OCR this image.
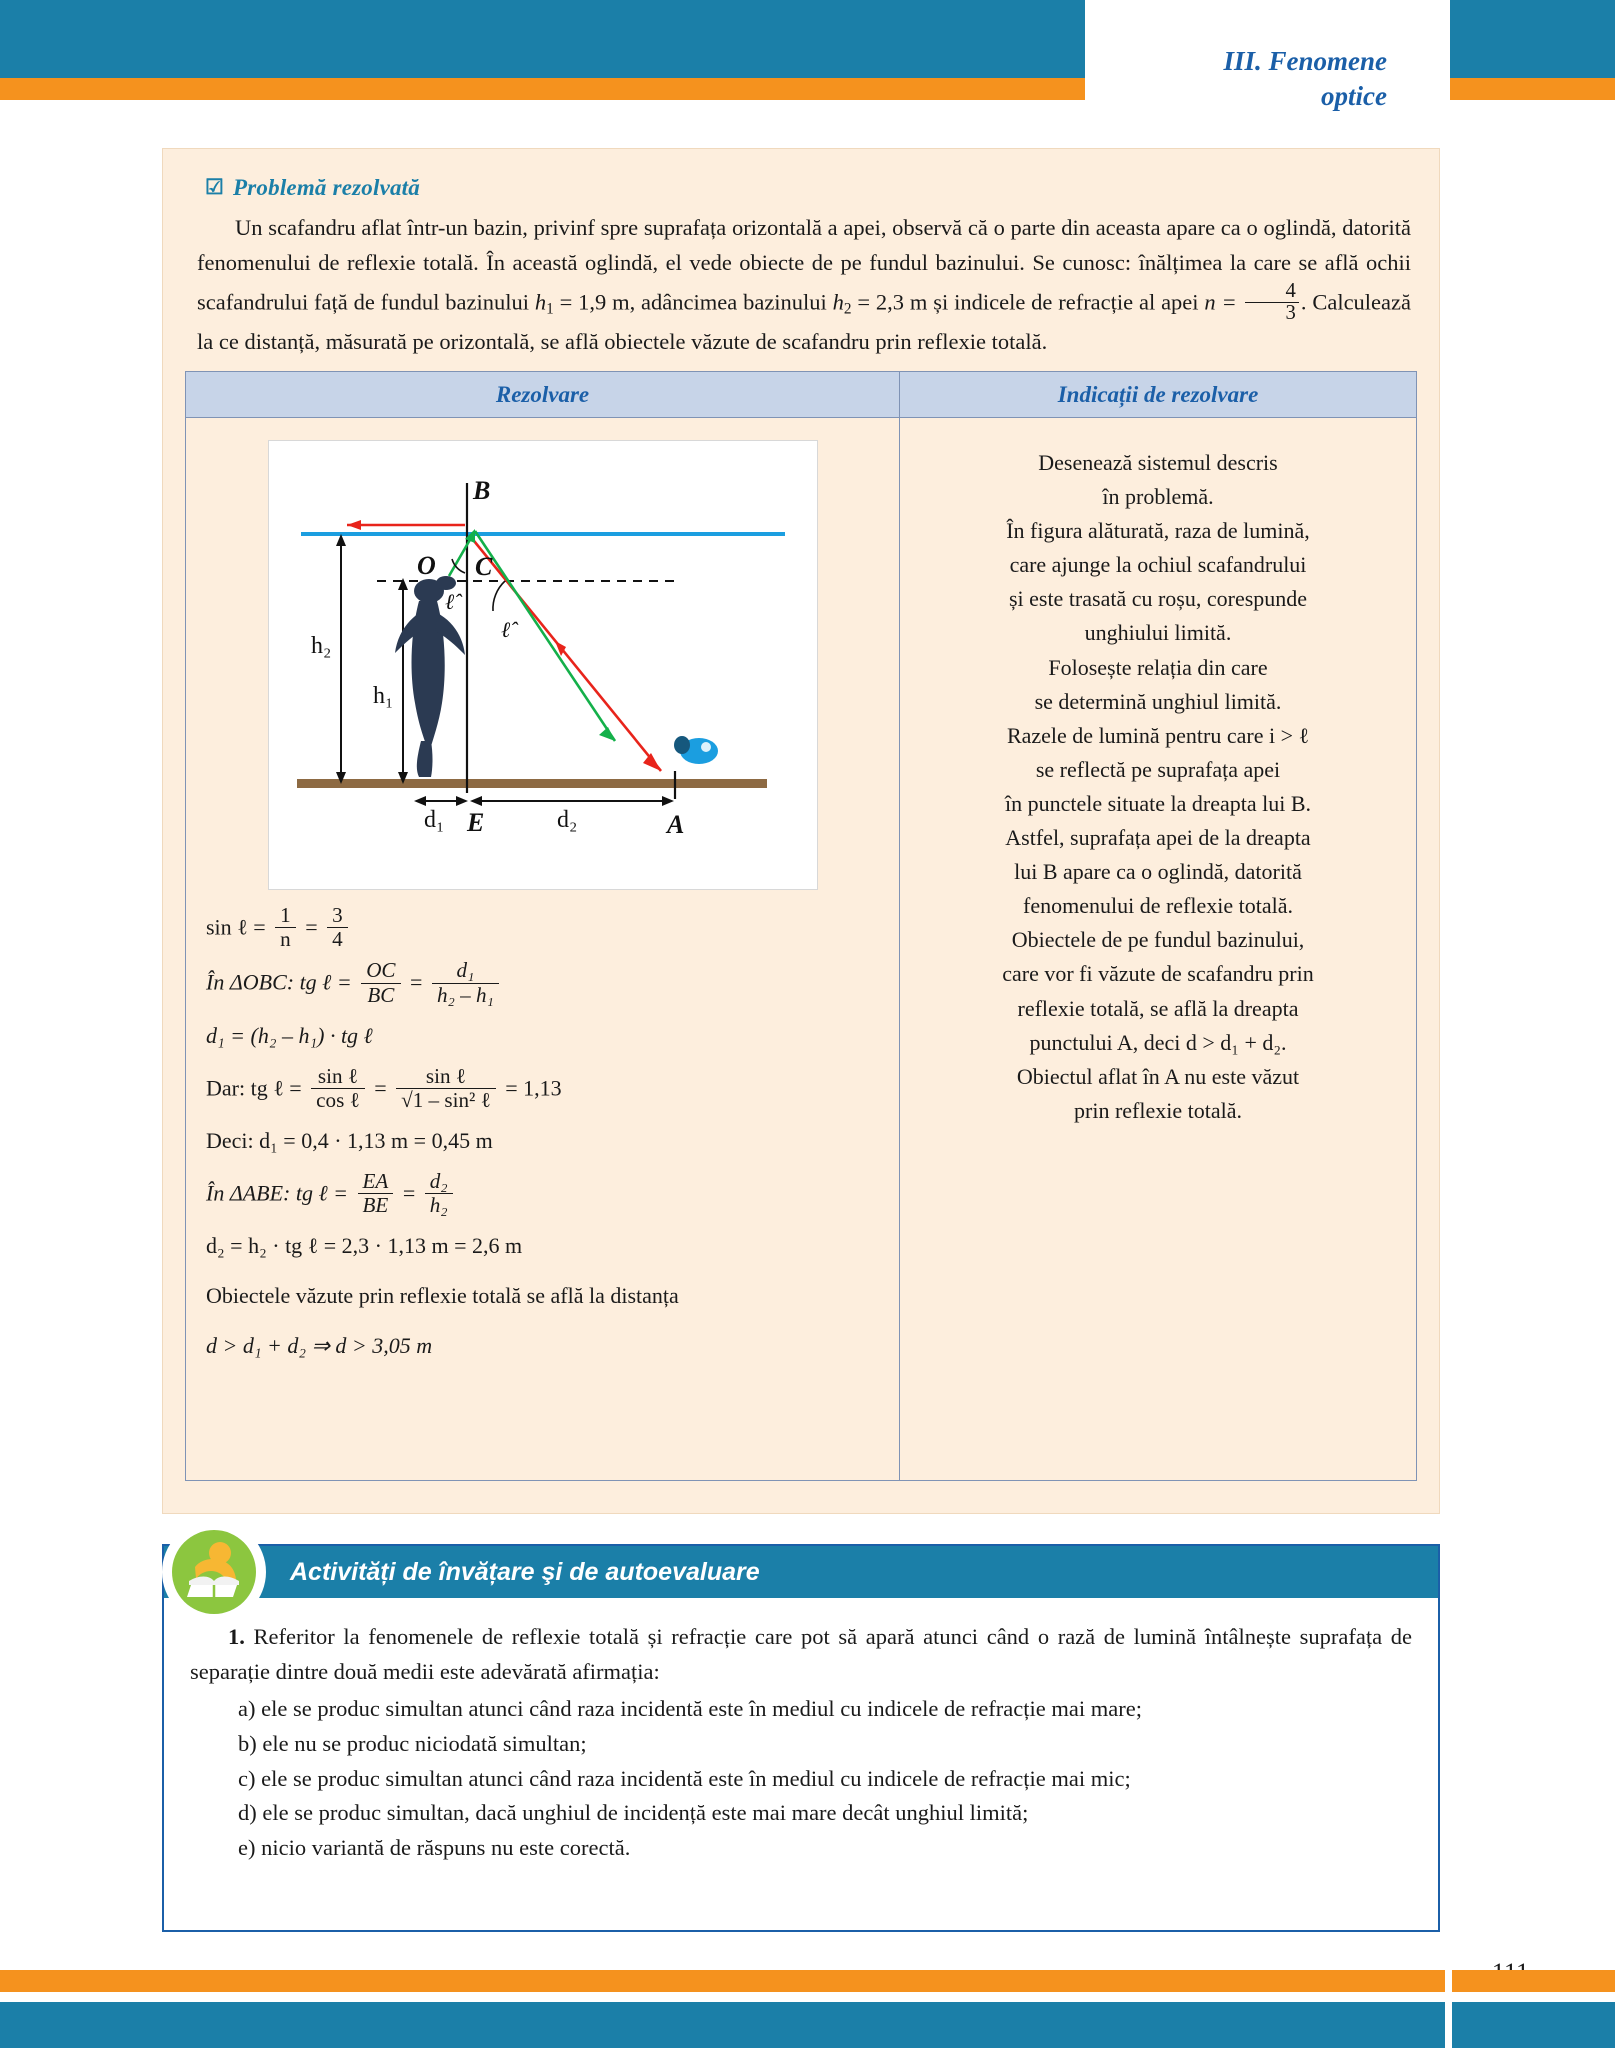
III. Fenomene
optice
☑ Problemă rezolvată

Un scafandru aflat într-un bazin, privinf spre suprafața orizontală a apei, observă că o parte din aceasta apare ca o oglindă, datorită fenomenului de reflexie totală. În această oglindă, el vede obiecte de pe fundul bazinului. Se cunosc: înălțimea la care se află ochii scafandrului față de fundul bazinului $h_1 = 1,9$ m, adâncimea bazinului $h_2 = 2,3$ m și indicele de refracție al apei $n = \frac{4}{3}$ . Calculează la ce distanță, măsurată pe orizontală, se află obiectele văzute de scafandru prin reflexie totală.

Rezolvare	Indicații de rezolvare
B
O C
A
E
h₂
h₁
d₁	d₂
ℓ̂
ℓ̂
sin ℓ = $\frac{1}{n} = \frac{3}{4}$
În ΔOBC: tg ℓ = $\frac{OC}{BC} = \frac{\text{d₁}}{\text{h₂ – h₁}}$
d₁ = (h₂ – h₁) · tg ℓ
Dar: tg ℓ = $\frac{\text{sin ℓ}}{\text{cos ℓ}} = \frac{\text{sin ℓ}}{\text{√1 – sin² ℓ}} = 1,13$
Deci: d₁ = 0,4 · 1,13 m = 0,45 m
În ΔABE: tg ℓ = $\frac{EA}{BE} = \frac{\text{d₂}}{\text{h₂}}$
d₂ = h₂ · tg ℓ = 2,3 · 1,13 m = 2,6 m
Obiectele văzute prin reflexie totală se află la distanța
d > d₁ + d₂ ⇒ d > 3,05 m

Desenează sistemul descris

în problemă.

În figura alăturată, raza de lumină,

care ajunge la ochiul scafandrului

și este trasată cu roșu, corespunde

unghiului limită.

Folosește relația din care

se determină unghiul limită.

Razele de lumină pentru care i > ℓ

se reflectă pe suprafața apei

în punctele situate la dreapta lui B.

Astfel, suprafața apei de la dreapta

lui B apare ca o oglindă, datorită

fenomenului de reflexie totală.

Obiectele de pe fundul bazinului,

care vor fi văzute de scafandru prin

reflexie totală, se află la dreapta

punctului A, deci d > d₁ + d₂.

Obiectul aflat în A nu este văzut

prin reflexie totală.

Activități de învățare şi de autoevaluare

1. Referitor la fenomenele de reflexie totală și refracție care pot să apară atunci când o rază de lumină întâlnește suprafața de separație dintre două medii este adevărată afirmația:

a) ele se produc simultan atunci când raza incidentă este în mediul cu indicele de refracție mai mare;

b) ele nu se produc niciodată simultan;

c) ele se produc simultan atunci când raza incidentă este în mediul cu indicele de refracție mai mic;

d) ele se produc simultan, dacă unghiul de incidență este mai mare decât unghiul limită;

e) nicio variantă de răspuns nu este corectă.
